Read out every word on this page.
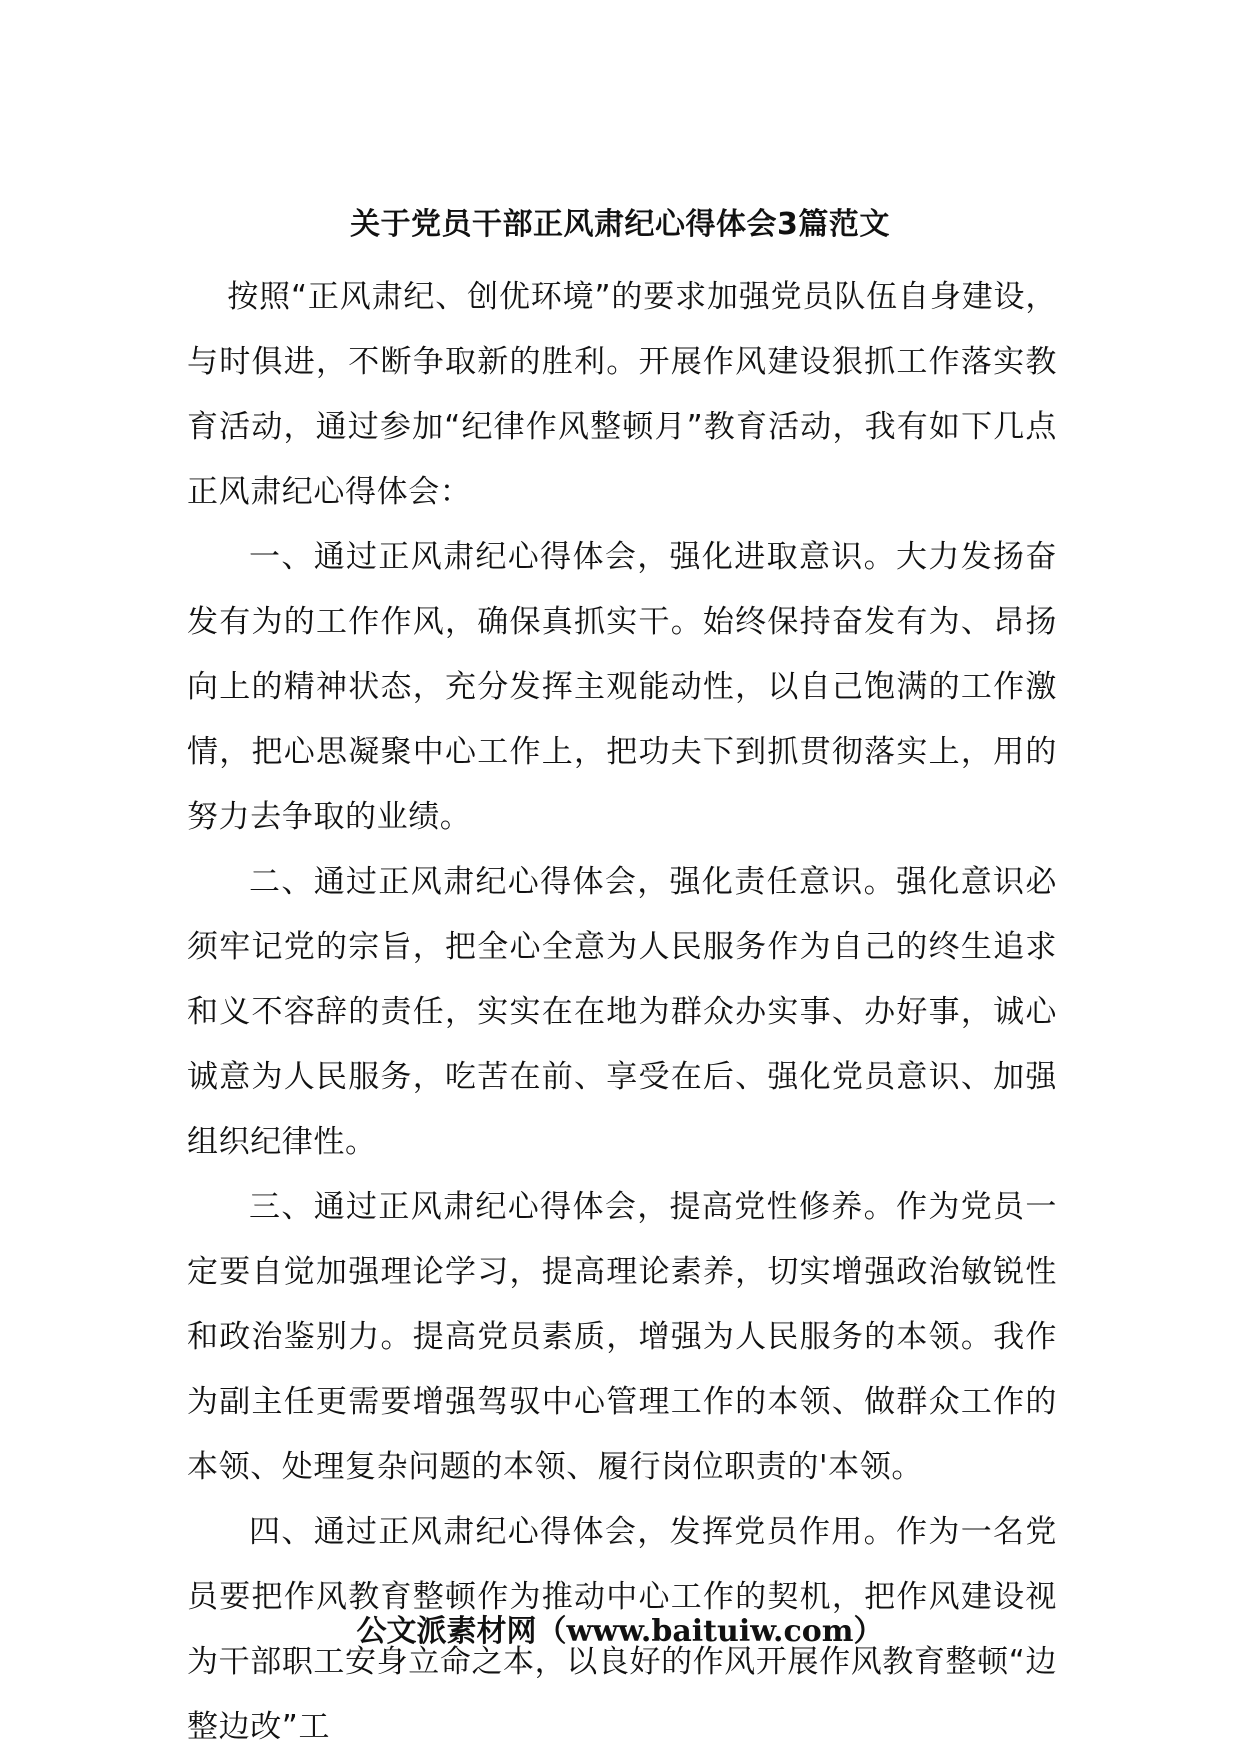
关于党员干部正风肃纪心得体会3篇范文

按照“正风肃纪、创优环境”的要求加强党员队伍自身建设，与时俱进，不断争取新的胜利。开展作风建设狠抓工作落实教育活动，通过参加“纪律作风整顿月”教育活动，我有如下几点正风肃纪心得体会：

一、通过正风肃纪心得体会，强化进取意识。大力发扬奋发有为的工作作风，确保真抓实干。始终保持奋发有为、昂扬向上的精神状态，充分发挥主观能动性，以自己饱满的工作激情，把心思凝聚中心工作上，把功夫下到抓贯彻落实上，用的努力去争取的业绩。

二、通过正风肃纪心得体会，强化责任意识。强化意识必须牢记党的宗旨，把全心全意为人民服务作为自己的终生追求和义不容辞的责任，实实在在地为群众办实事、办好事，诚心诚意为人民服务，吃苦在前、享受在后、强化党员意识、加强组织纪律性。

三、通过正风肃纪心得体会，提高党性修养。作为党员一定要自觉加强理论学习，提高理论素养，切实增强政治敏锐性和政治鉴别力。提高党员素质，增强为人民服务的本领。我作为副主任更需要增强驾驭中心管理工作的本领、做群众工作的本领、处理复杂问题的本领、履行岗位职责的'本领。

四、通过正风肃纪心得体会，发挥党员作用。作为一名党员要把作风教育整顿作为推动中心工作的契机，把作风建设视为干部职工安身立命之本，以良好的作风开展作风教育整顿“边整边改”工

公文派素材网（www.baituiw.com）
